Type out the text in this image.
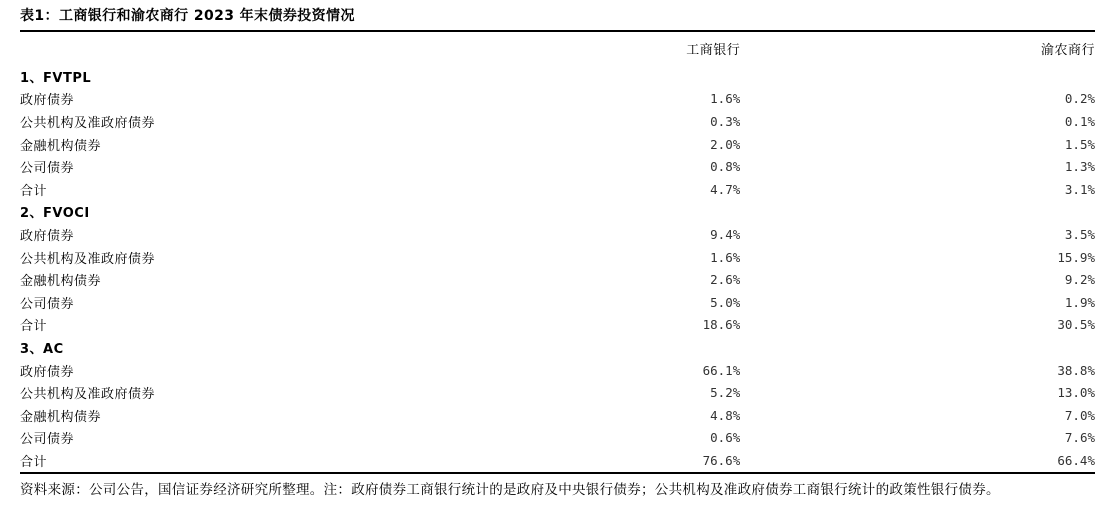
表1：工商银行和渝农商行 2023 年末债券投资情况
	工商银行	渝农商行
1、FVTPL		
政府债券	1.6%	0.2%
公共机构及准政府债券	0.3%	0.1%
金融机构债券	2.0%	1.5%
公司债券	0.8%	1.3%
合计	4.7%	3.1%
2、FVOCI		
政府债券	9.4%	3.5%
公共机构及准政府债券	1.6%	15.9%
金融机构债券	2.6%	9.2%
公司债券	5.0%	1.9%
合计	18.6%	30.5%
3、AC		
政府债券	66.1%	38.8%
公共机构及准政府债券	5.2%	13.0%
金融机构债券	4.8%	7.0%
公司债券	0.6%	7.6%
合计	76.6%	66.4%
资料来源：公司公告，国信证券经济研究所整理。注：政府债券工商银行统计的是政府及中央银行债券；公共机构及准政府债券工商银行统计的政策性银行债券。
